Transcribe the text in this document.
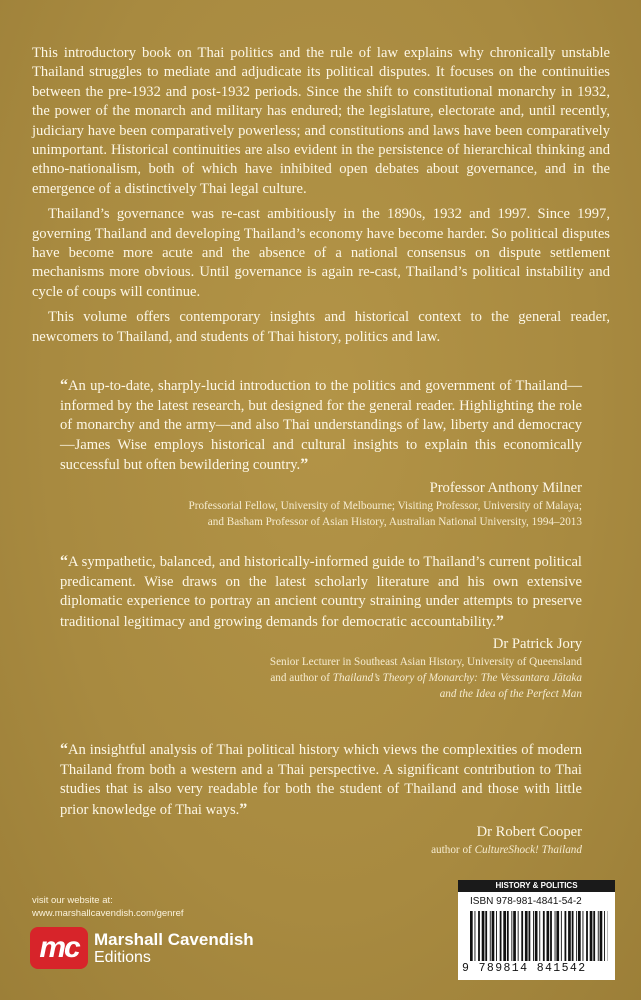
This introductory book on Thai politics and the rule of law explains why chronically unstable Thailand struggles to mediate and adjudicate its political disputes. It focuses on the continuities between the pre-1932 and post-1932 periods. Since the shift to constitutional monarchy in 1932, the power of the monarch and military has endured; the legislature, electorate and, until recently, judiciary have been comparatively powerless; and constitutions and laws have been comparatively unimportant. Historical continuities are also evident in the persistence of hierarchical thinking and ethno-nationalism, both of which have inhibited open debates about governance, and in the emergence of a distinctively Thai legal culture.

Thailand’s governance was re-cast ambitiously in the 1890s, 1932 and 1997. Since 1997, governing Thailand and developing Thailand’s economy have become harder. So political disputes have become more acute and the absence of a national consensus on dispute settlement mechanisms more obvious. Until governance is again re-cast, Thailand’s political instability and cycle of coups will continue.

This volume offers contemporary insights and historical context to the general reader, newcomers to Thailand, and students of Thai history, politics and law.

“An up-to-date, sharply-lucid introduction to the politics and government of Thailand—informed by the latest research, but designed for the general reader. Highlighting the role of monarchy and the army—and also Thai understandings of law, liberty and democracy—James Wise employs historical and cultural insights to explain this economically successful but often bewildering country.”

Professor Anthony Milner
Professorial Fellow, University of Melbourne; Visiting Professor, University of Malaya;
and Basham Professor of Asian History, Australian National University, 1994–2013

“A sympathetic, balanced, and historically-informed guide to Thailand’s current political predicament. Wise draws on the latest scholarly literature and his own extensive diplomatic experience to portray an ancient country straining under attempts to preserve traditional legitimacy and growing demands for democratic accountability.”

Dr Patrick Jory
Senior Lecturer in Southeast Asian History, University of Queensland
and author of Thailand’s Theory of Monarchy: The Vessantara Jātaka
and the Idea of the Perfect Man

“An insightful analysis of Thai political history which views the complexities of modern Thailand from both a western and a Thai perspective. A significant contribution to Thai studies that is also very readable for both the student of Thailand and those with little prior knowledge of Thai ways.”

Dr Robert Cooper
author of CultureShock! Thailand
visit our website at:
www.marshallcavendish.com/genref
mc Marshall Cavendish
Editions
HISTORY & POLITICS
ISBN 978-981-4841-54-2
9 789814 841542
